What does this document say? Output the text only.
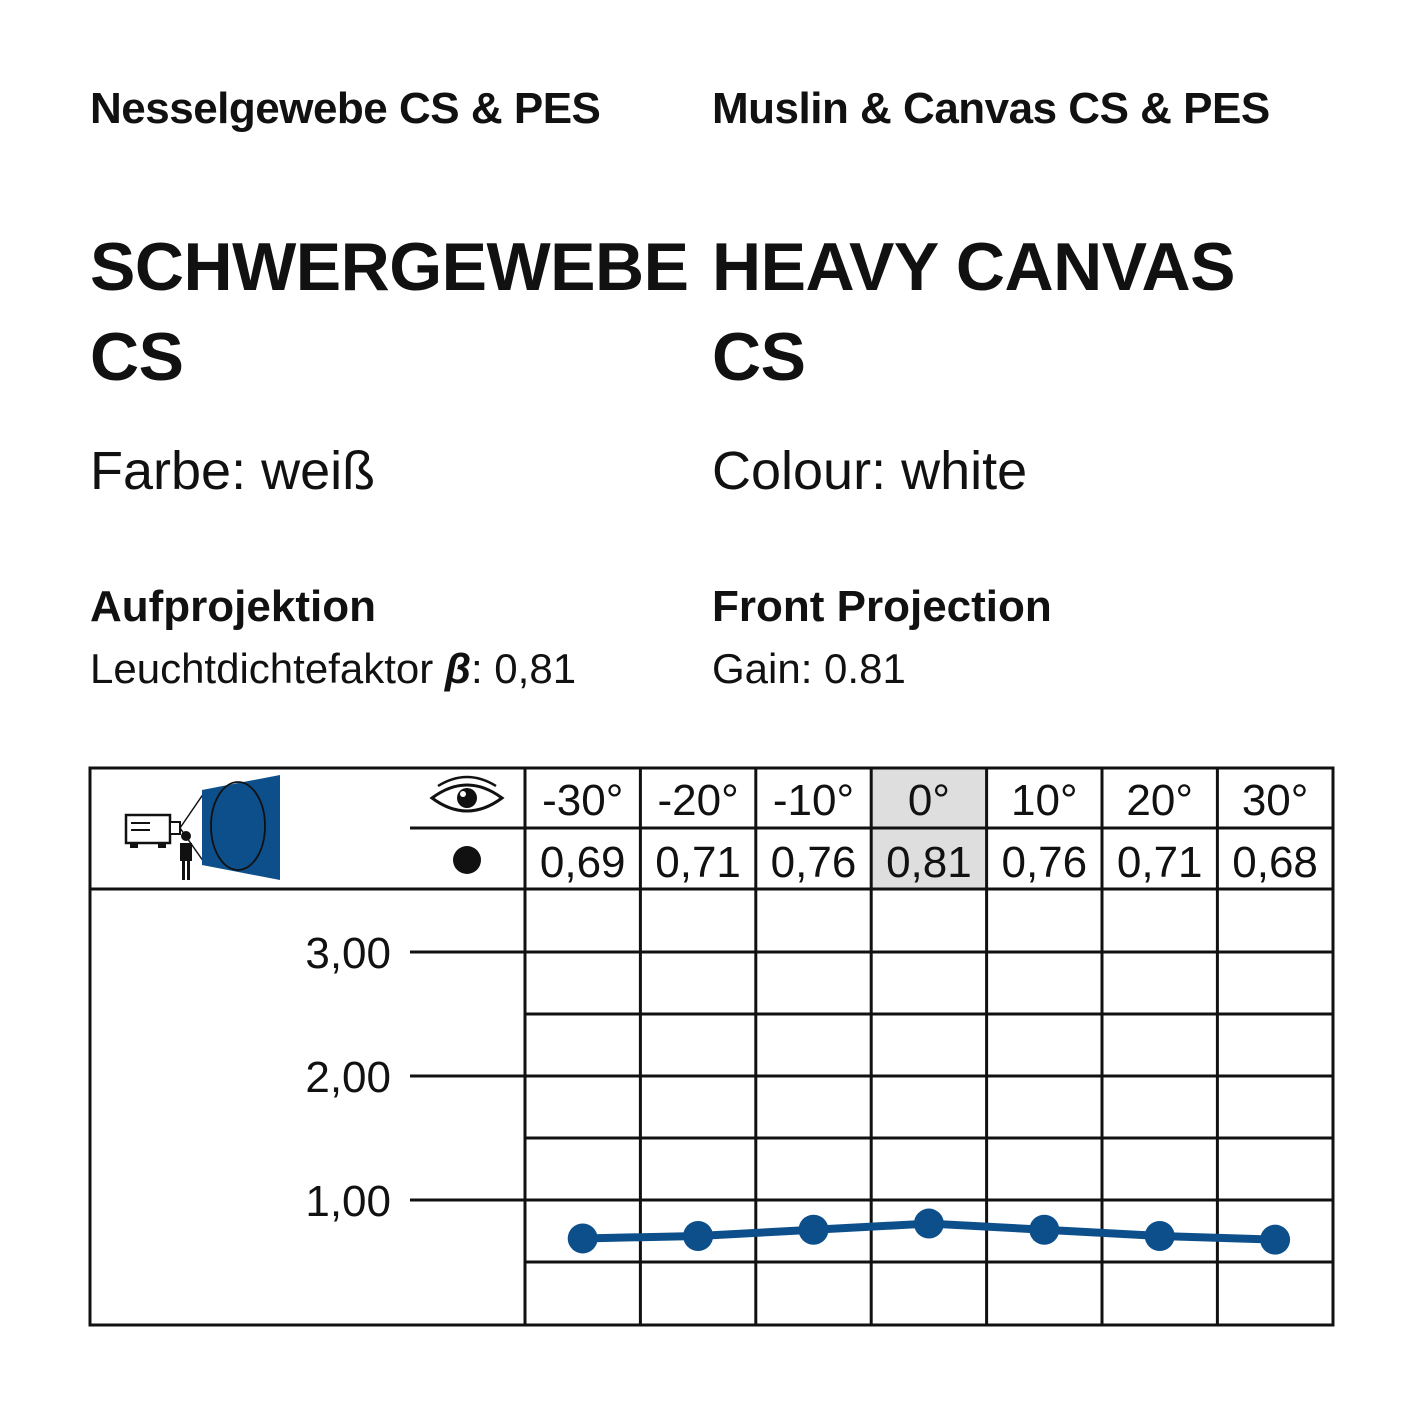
Nesselgewebe CS & PES
SCHWERGEWEBE CS
Farbe: weiß
Aufprojektion
Leuchtdichtefaktor β: 0,81
Muslin & Canvas CS & PES
HEAVY CANVAS CS
Colour: white
Front Projection
Gain: 0.81
-30° -20° -10° 0° 10° 20° 30°
0,69 0,71 0,76 0,81 0,76 0,71 0,68
1,00
2,00
3,00
